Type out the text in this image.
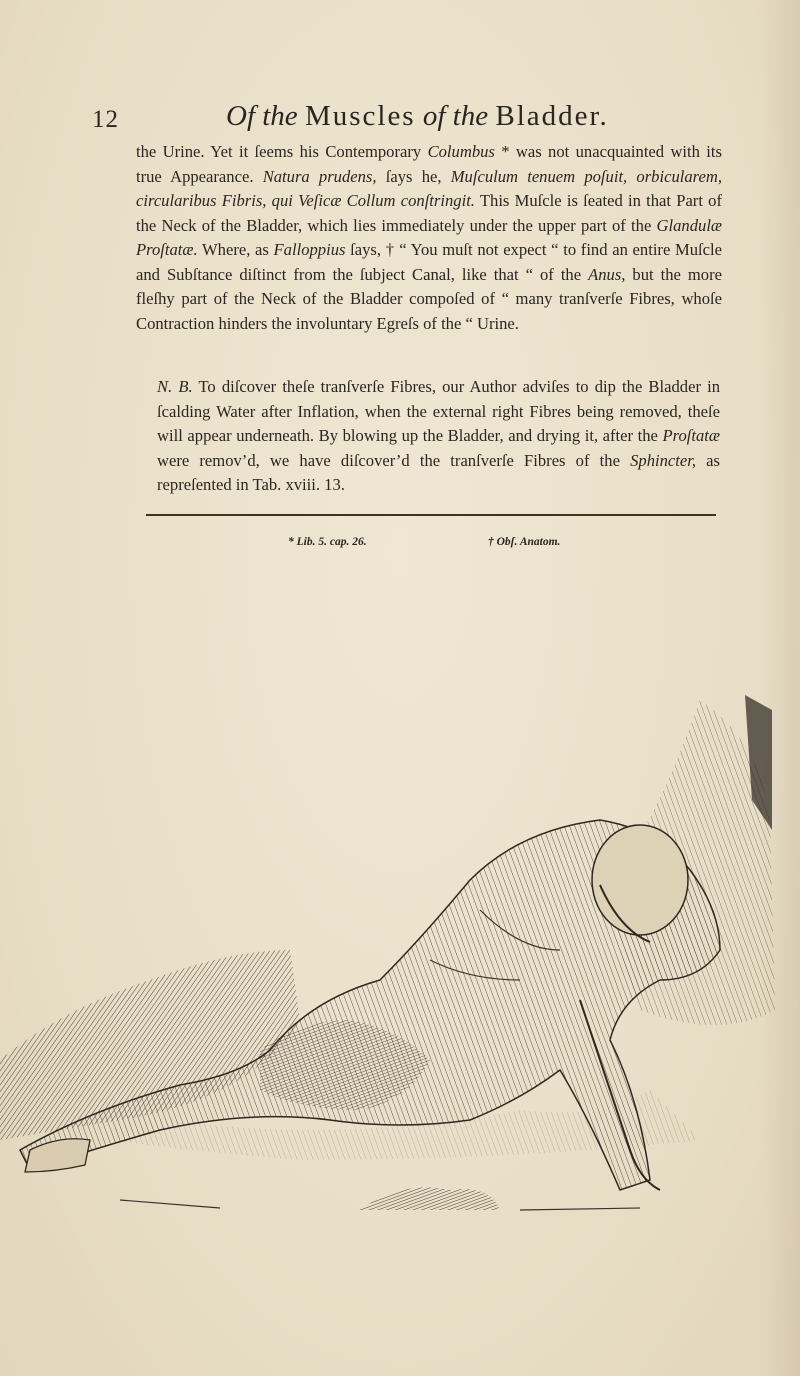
12	Of the Muscles of the Bladder.

the Urine. Yet it ſeems his Contemporary Columbus * was not unacquainted with its true Appearance. Natura prudens, ſays he, Muſculum tenuem poſuit, orbicularem, circularibus Fibris, qui Veſicæ Collum conſtringit. This Muſcle is ſeated in that Part of the Neck of the Bladder, which lies immediately under the upper part of the Glandulæ Proſtatæ. Where, as Falloppius ſays, † “ You muſt not expect “ to find an entire Muſcle and Subſtance diſtinct from the ſubject Canal, like that “ of the Anus, but the more fleſhy part of the Neck of the Bladder compoſed of “ many tranſverſe Fibres, whoſe Contraction hinders the involuntary Egreſs of the “ Urine.

N. B. To diſcover theſe tranſverſe Fibres, our Author adviſes to dip the Bladder in ſcalding Water after Inflation, when the external right Fibres being removed, theſe will appear underneath. By blowing up the Bladder, and drying it, after the Proſtatæ were remov’d, we have diſcover’d the tranſverſe Fibres of the Sphincter, as repreſented in Tab. xviii. 13.
* Lib. 5. cap. 26.	† Obſ. Anatom.
